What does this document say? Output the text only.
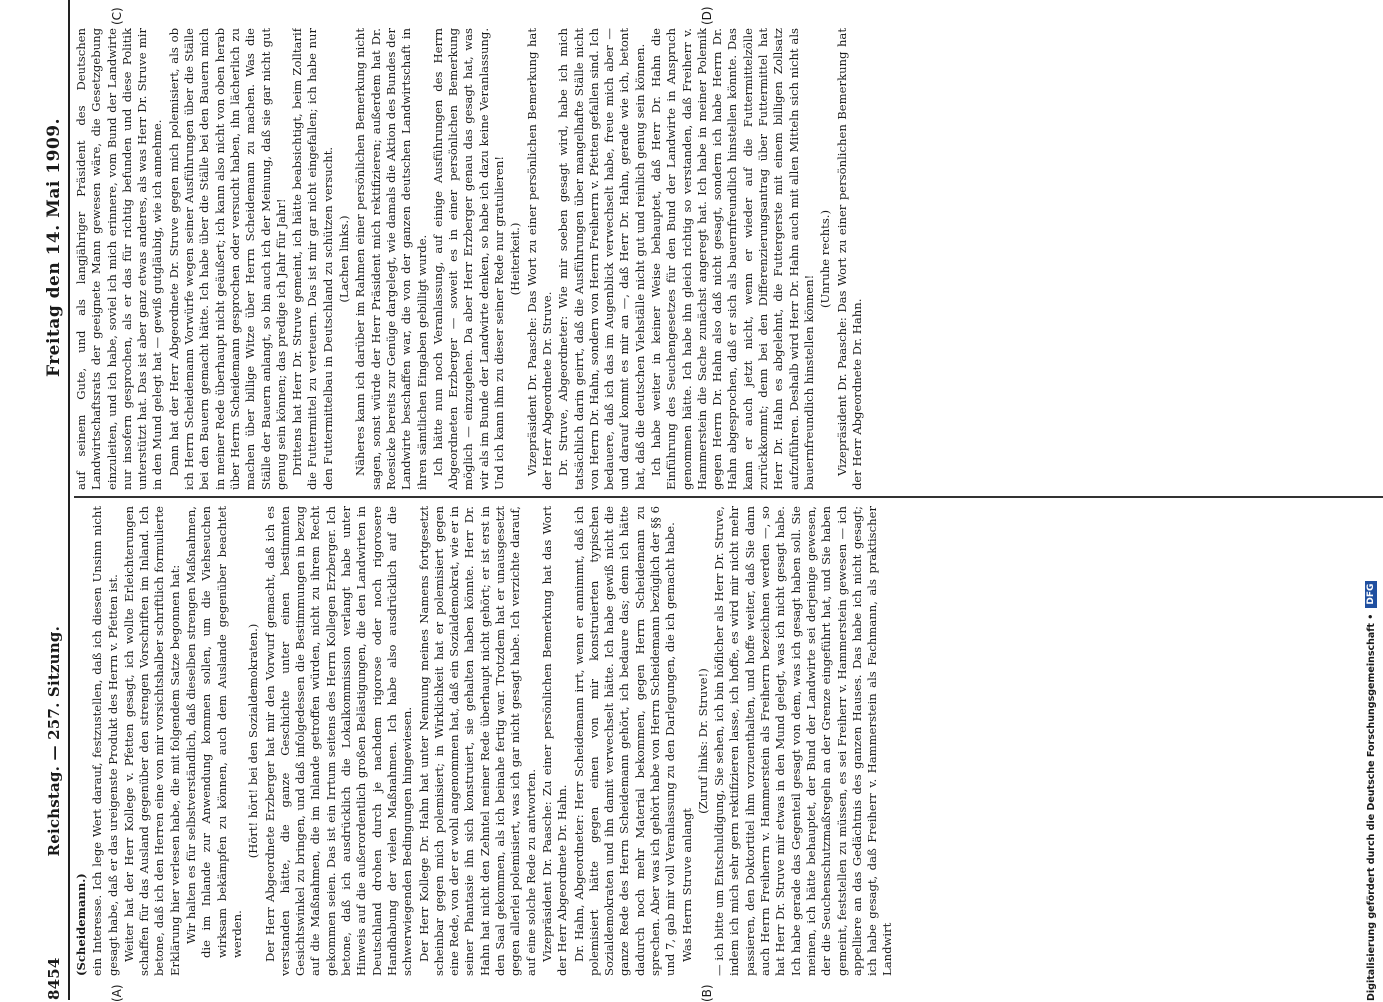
8454
Reichstag. — 257. Sitzung.
Freitag den 14. Mai 1909.
(A)	(B)
(C)	(D)

(Scheidemann.) ein Interesse. Ich lege Wert darauf, festzustellen, daß ich diesen Unsinn nicht gesagt habe, daß er das ureigenste Produkt des Herrn v. Pfetten ist. Weiter hat der Herr Kollege v. Pfetten gesagt, ich wollte Erleichterungen schaffen für das Ausland gegenüber den strengen Vorschriften im Inland. Ich betone, daß ich den Herren eine von mir vorsichtshalber schriftlich formulierte Erklärung hier verlesen habe, die mit folgendem Satze begonnen hat: Wir halten es für selbstverständlich, daß dieselben strengen Maßnahmen, die im Inlande zur Anwendung kommen sollen, um die Viehseuchen wirksam bekämpfen zu können, auch dem Auslande gegenüber beachtet werden.

(Hört! hört! bei den Sozialdemokraten.) Der Herr Abgeordnete Erzberger hat mir den Vorwurf gemacht, daß ich es verstanden hätte, die ganze Geschichte unter einen bestimmten Gesichtswinkel zu bringen, und daß infolgedessen die Bestimmungen in bezug auf die Maßnahmen, die im Inlande getroffen würden, nicht zu ihrem Recht gekommen seien. Das ist ein Irrtum seitens des Herrn Kollegen Erzberger. Ich betone, daß ich ausdrücklich die Lokalkommission verlangt habe unter Hinweis auf die außerordentlich großen Belästigungen, die den Landwirten in Deutschland drohen durch je nachdem rigorose oder noch rigorosere Handhabung der vielen Maßnahmen. Ich habe also ausdrücklich auf die schwerwiegenden Bedingungen hingewiesen. Der Herr Kollege Dr. Hahn hat unter Nennung meines Namens fortgesetzt scheinbar gegen mich polemisiert; in Wirklichkeit hat er polemisiert gegen eine Rede, von der er wohl angenommen hat, daß ein Sozialdemokrat, wie er in seiner Phantasie ihn sich konstruiert, sie gehalten haben könnte. Herr Dr. Hahn hat nicht den Zehntel meiner Rede überhaupt nicht gehört; er ist erst in den Saal gekommen, als ich beinahe fertig war. Trotzdem hat er unausgesetzt gegen allerlei polemisiert, was ich gar nicht gesagt habe. Ich verzichte darauf, auf eine solche Rede zu antworten. Vizepräsident Dr. Paasche: Zu einer persönlichen Bemerkung hat das Wort der Herr Abgeordnete Dr. Hahn. Dr. Hahn, Abgeordneter: Herr Scheidemann irrt, wenn er annimmt, daß ich polemisiert hätte gegen einen von mir konstruierten typischen Sozialdemokraten und ihn damit verwechselt hätte. Ich habe gewiß nicht die ganze Rede des Herrn Scheidemann gehört, ich bedaure das; denn ich hätte dadurch noch mehr Material bekommen, gegen Herrn Scheidemann zu sprechen. Aber was ich gehört habe von Herrn Scheidemann bezüglich der §§ 6 und 7, gab mir voll Veranlassung zu den Darlegungen, die ich gemacht habe. Was Herrn Struve anlangt

(Zuruf links: Dr. Struve!) — ich bitte um Entschuldigung, Sie sehen, ich bin höflicher als Herr Dr. Struve, indem ich mich sehr gern rektifizieren lasse, ich hoffe, es wird mir nicht mehr passieren, den Doktortitel ihm vorzuenthalten, und hoffe weiter, daß Sie dann auch Herrn Freiherrn v. Hammerstein als Freiherrn bezeichnen werden —, so hat Herr Dr. Struve mir etwas in den Mund gelegt, was ich nicht gesagt habe. Ich habe gerade das Gegenteil gesagt von dem, was ich gesagt haben soll. Sie meinen, ich hätte behauptet, der Bund der Landwirte sei derjenige gewesen, der die Seuchenschutzmaßregeln an der Grenze eingeführt hat, und Sie haben gemeint, feststellen zu müssen, es sei Freiherr v. Hammerstein gewesen — ich appelliere an das Gedächtnis des ganzen Hauses. Das habe ich nicht gesagt; ich habe gesagt, daß Freiherr v. Hammerstein als Fachmann, als praktischer Landwirt

auf seinem Gute, und als langjähriger Präsident des Deutschen Landwirtschaftsrats der geeignete Mann gewesen wäre, die Gesetzgebung einzuleiten, und ich habe, soviel ich mich erinnere, vom Bund der Landwirte nur insofern gesprochen, als er das für richtig befunden und diese Politik unterstützt hat. Das ist aber ganz etwas anderes, als was Herr Dr. Struve mir in den Mund gelegt hat — gewiß gutgläubig, wie ich annehme. Dann hat der Herr Abgeordnete Dr. Struve gegen mich polemisiert, als ob ich Herrn Scheidemann Vorwürfe wegen seiner Ausführungen über die Ställe bei den Bauern gemacht hätte. Ich habe über die Ställe bei den Bauern mich in meiner Rede überhaupt nicht geäußert; ich kann also nicht von oben herab über Herrn Scheidemann gesprochen oder versucht haben, ihn lächerlich zu machen über billige Witze über Herrn Scheidemann zu machen. Was die Ställe der Bauern anlangt, so bin auch ich der Meinung, daß sie gar nicht gut genug sein können; das predige ich Jahr für Jahr! Drittens hat Herr Dr. Struve gemeint, ich hätte beabsichtigt, beim Zolltarif die Futtermittel zu verteuern. Das ist mir gar nicht eingefallen; ich habe nur den Futtermittelbau in Deutschland zu schützen versucht. (Lachen links.) Näheres kann ich darüber im Rahmen einer persönlichen Bemerkung nicht sagen, sonst würde der Herr Präsident mich rektifizieren; außerdem hat Dr. Roesicke bereits zur Genüge dargelegt, wie damals die Aktion des Bundes der Landwirte beschaffen war, die von der ganzen deutschen Landwirtschaft in ihren sämtlichen Eingaben gebilligt wurde. Ich hätte nun noch Veranlassung, auf einige Ausführungen des Herrn Abgeordneten Erzberger — soweit es in einer persönlichen Bemerkung möglich — einzugehen. Da aber Herr Erzberger genau das gesagt hat, was wir als im Bunde der Landwirte denken, so habe ich dazu keine Veranlassung. Und ich kann ihm zu dieser seiner Rede nur gratulieren! (Heiterkeit.) Vizepräsident Dr. Paasche: Das Wort zu einer persönlichen Bemerkung hat der Herr Abgeordnete Dr. Struve. Dr. Struve, Abgeordneter: Wie mir soeben gesagt wird, habe ich mich tatsächlich darin geirrt, daß die Ausführungen über mangelhafte Ställe nicht von Herrn Dr. Hahn, sondern von Herrn Freiherrn v. Pfetten gefallen sind. Ich bedauere, daß ich das im Augenblick verwechselt habe, freue mich aber — und darauf kommt es mir an —, daß Herr Dr. Hahn, gerade wie ich, betont hat, daß die deutschen Viehställe nicht gut und reinlich genug sein können. Ich habe weiter in keiner Weise behauptet, daß Herr Dr. Hahn die Einführung des Seuchengesetzes für den Bund der Landwirte in Anspruch genommen hätte. Ich habe ihn gleich richtig so verstanden, daß Freiherr v. Hammerstein die Sache zunächst angeregt hat. Ich habe in meiner Polemik gegen Herrn Dr. Hahn also daß nicht gesagt, sondern ich habe Herrn Dr. Hahn abgesprochen, daß er sich als bauernfreundlich hinstellen könnte. Das kann er auch jetzt nicht, wenn er wieder auf die Futtermittelzölle zurückkommt; denn bei den Differenzierungsantrag über Futtermittel hat Herr Dr. Hahn es abgelehnt, die Futtergerste mit einem billigen Zollsatz aufzuführen. Deshalb wird Herr Dr. Hahn auch mit allen Mitteln sich nicht als bauernfreundlich hinstellen können!

(Unruhe rechts.) Vizepräsident Dr. Paasche: Das Wort zu einer persönlichen Bemerkung hat der Herr Abgeordnete Dr. Hahn.

Digitalisierung gefördert durch die Deutsche Forschungsgemeinschaft •
DFG
